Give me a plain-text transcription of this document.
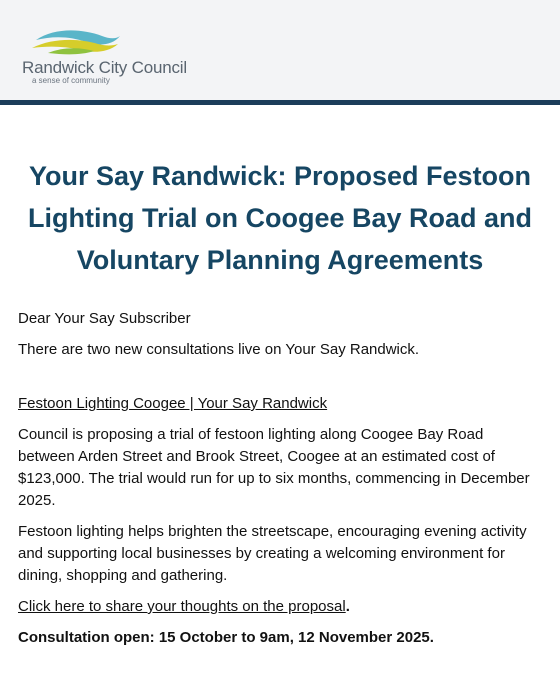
Randwick City Council
a sense of community
Your Say Randwick: Proposed Festoon Lighting Trial on Coogee Bay Road and Voluntary Planning Agreements

Dear Your Say Subscriber

There are two new consultations live on Your Say Randwick.

Festoon Lighting Coogee | Your Say Randwick

Council is proposing a trial of festoon lighting along Coogee Bay Road between Arden Street and Brook Street, Coogee at an estimated cost of $123,000. The trial would run for up to six months, commencing in December 2025.

Festoon lighting helps brighten the streetscape, encouraging evening activity and supporting local businesses by creating a welcoming environment for dining, shopping and gathering.

Click here to share your thoughts on the proposal.

Consultation open: 15 October to 9am, 12 November 2025.
